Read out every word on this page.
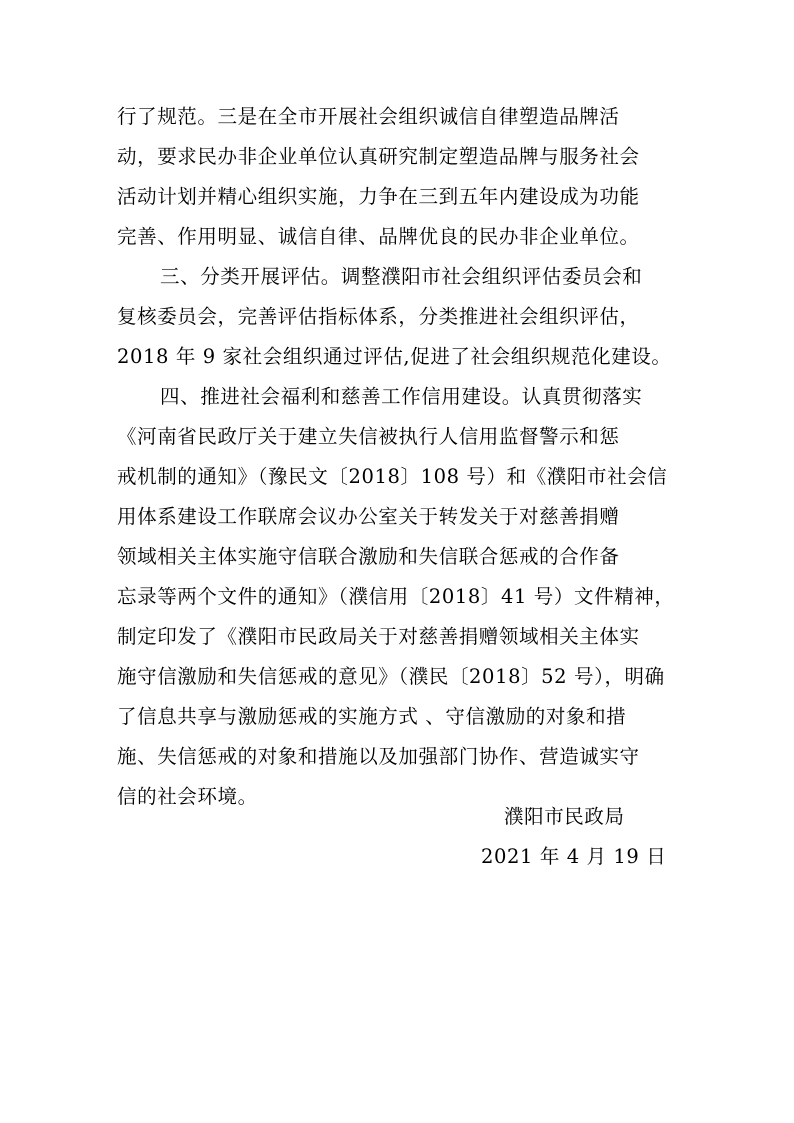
行了规范。三是在全市开展社会组织诚信自律塑造品牌活
动，要求民办非企业单位认真研究制定塑造品牌与服务社会
活动计划并精心组织实施，力争在三到五年内建设成为功能
完善、作用明显、诚信自律、品牌优良的民办非企业单位。
三、分类开展评估。调整濮阳市社会组织评估委员会和
复核委员会，完善评估指标体系，分类推进社会组织评估，
2018 年 9 家社会组织通过评估,促进了社会组织规范化建设。
四、推进社会福利和慈善工作信用建设。认真贯彻落实
《河南省民政厅关于建立失信被执行人信用监督警示和惩
戒机制的通知》（豫民文〔2018〕108 号）和《濮阳市社会信
用体系建设工作联席会议办公室关于转发关于对慈善捐赠
领域相关主体实施守信联合激励和失信联合惩戒的合作备
忘录等两个文件的通知》（濮信用〔2018〕41 号）文件精神，
制定印发了《濮阳市民政局关于对慈善捐赠领域相关主体实
施守信激励和失信惩戒的意见》（濮民〔2018〕52 号），明确
了信息共享与激励惩戒的实施方式 、守信激励的对象和措
施、失信惩戒的对象和措施以及加强部门协作、营造诚实守
信的社会环境。
濮阳市民政局
2021 年 4 月 19 日
